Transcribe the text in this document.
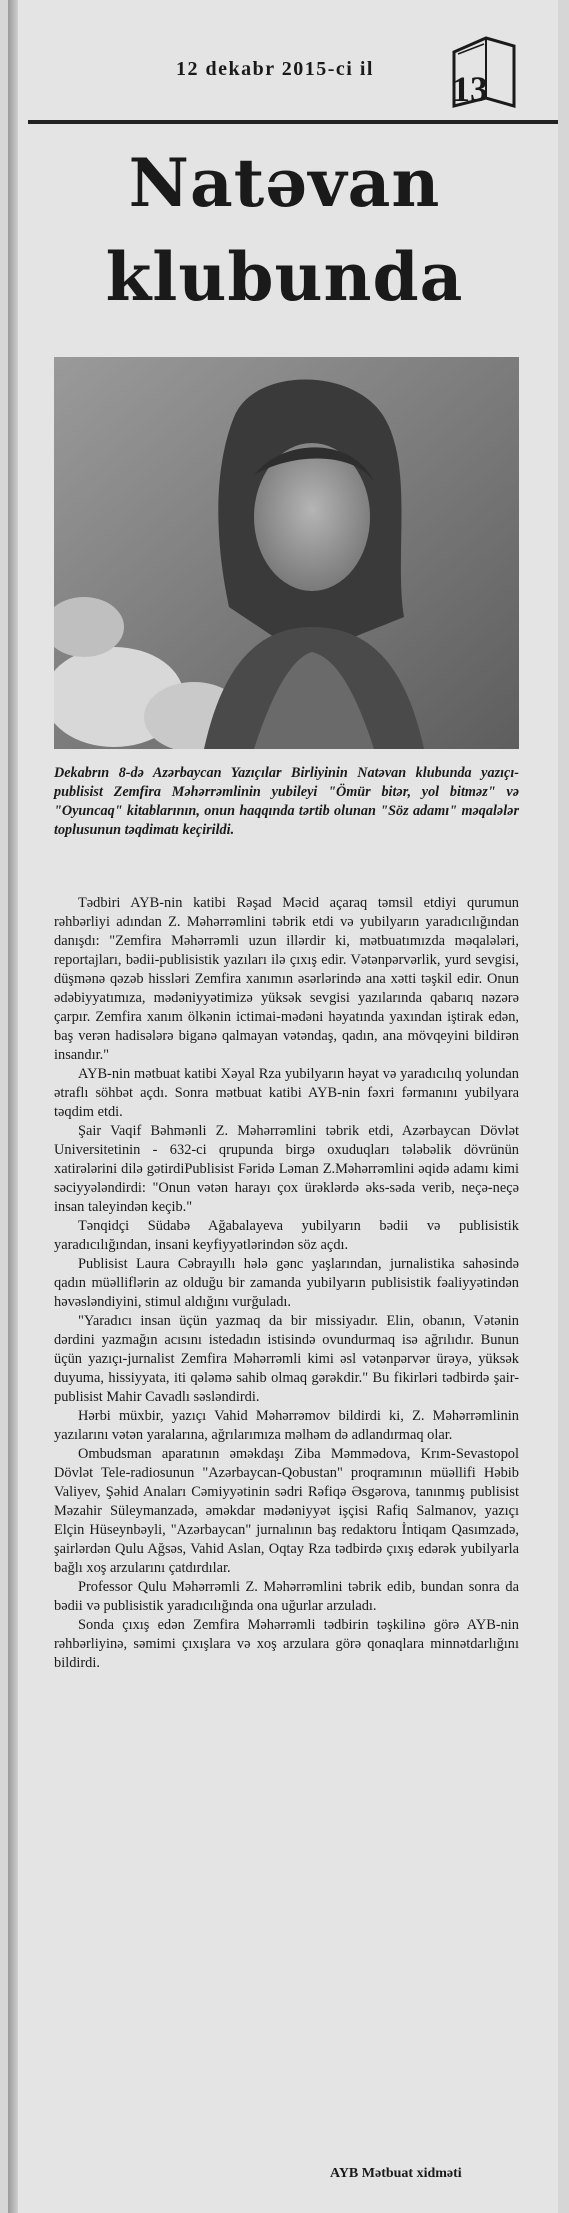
12 dekabr 2015-ci il 13
Natəvan
klubunda
Dekabrın 8-də Azərbaycan Yazıçılar Birliyinin Natəvan klubunda yazıçı-publisist Zemfira Məhərrəmlinin yubileyi "Ömür bitər, yol bitməz" və "Oyuncaq" kitablarının, onun haqqında tərtib olunan "Söz adamı" məqalələr toplusunun təqdimatı keçirildi.

Tədbiri AYB-nin katibi Rəşad Məcid açaraq təmsil etdiyi qurumun rəhbərliyi adından Z. Məhərrəmlini təbrik etdi və yubilyarın yaradıcılığından danışdı: "Zemfira Məhərrəmli uzun illərdir ki, mətbuatımızda məqalələri, reportajları, bədii-publisistik yazıları ilə çıxış edir. Vətənpərvərlik, yurd sevgisi, düşmənə qəzəb hissləri Zemfira xanımın əsərlərində ana xətti təşkil edir. Onun ədəbiyyatımıza, mədəniyyətimizə yüksək sevgisi yazılarında qabarıq nəzərə çarpır. Zemfira xanım ölkənin ictimai-mədəni həyatında yaxından iştirak edən, baş verən hadisələrə biganə qalmayan vətəndaş, qadın, ana mövqeyini bildirən insandır."

AYB-nin mətbuat katibi Xəyal Rza yubilyarın həyat və yaradıcılıq yolundan ətraflı söhbət açdı. Sonra mətbuat katibi AYB-nin fəxri fərmanını yubilyara təqdim etdi.

Şair Vaqif Bəhmənli Z. Məhərrəmlini təbrik etdi, Azərbaycan Dövlət Universitetinin - 632-ci qrupunda birgə oxuduqları tələbəlik dövrünün xatirələrini dilə gətirdiPublisist Fəridə Ləman Z.Məhərrəmlini əqidə adamı kimi səciyyələndirdi: "Onun vətən harayı çox ürəklərdə əks-səda verib, neçə-neçə insan taleyindən keçib."

Tənqidçi Südabə Ağabalayeva yubilyarın bədii və publisistik yaradıcılığından, insani keyfiyyətlərindən söz açdı.

Publisist Laura Cəbrayıllı hələ gənc yaşlarından, jurnalistika sahəsində qadın müəlliflərin az olduğu bir zamanda yubilyarın publisistik fəaliyyətindən həvəsləndiyini, stimul aldığını vurğuladı.

"Yaradıcı insan üçün yazmaq da bir missiyadır. Elin, obanın, Vətənin dərdini yazmağın acısını istedadın istisində ovundurmaq isə ağrılıdır. Bunun üçün yazıçı-jurnalist Zemfira Məhərrəmli kimi əsl vətənpərvər ürəyə, yüksək duyuma, hissiyyata, iti qələmə sahib olmaq gərəkdir." Bu fikirləri tədbirdə şair-publisist Mahir Cavadlı səsləndirdi.

Hərbi müxbir, yazıçı Vahid Məhərrəmov bildirdi ki, Z. Məhərrəmlinin yazılarını vətən yaralarına, ağrılarımıza məlhəm də adlandırmaq olar.

Ombudsman aparatının əməkdaşı Ziba Məmmədova, Krım-Sevastopol Dövlət Tele-radiosunun "Azərbaycan-Qobustan" proqramının müəllifi Həbib Valiyev, Şəhid Anaları Cəmiyyətinin sədri Rəfiqə Əsgərova, tanınmış publisist Məzahir Süleymanzadə, əməkdar mədəniyyət işçisi Rafiq Salmanov, yazıçı Elçin Hüseynbəyli, "Azərbaycan" jurnalının baş redaktoru İntiqam Qasımzadə, şairlərdən Qulu Ağsəs, Vahid Aslan, Oqtay Rza tədbirdə çıxış edərək yubilyarla bağlı xoş arzularını çatdırdılar.

Professor Qulu Məhərrəmli Z. Məhərrəmlini təbrik edib, bundan sonra da bədii və publisistik yaradıcılığında ona uğurlar arzuladı.

Sonda çıxış edən Zemfira Məhərrəmli tədbirin təşkilinə görə AYB-nin rəhbərliyinə, səmimi çıxışlara və xoş arzulara görə qonaqlara minnətdarlığını bildirdi.

AYB Mətbuat xidməti
